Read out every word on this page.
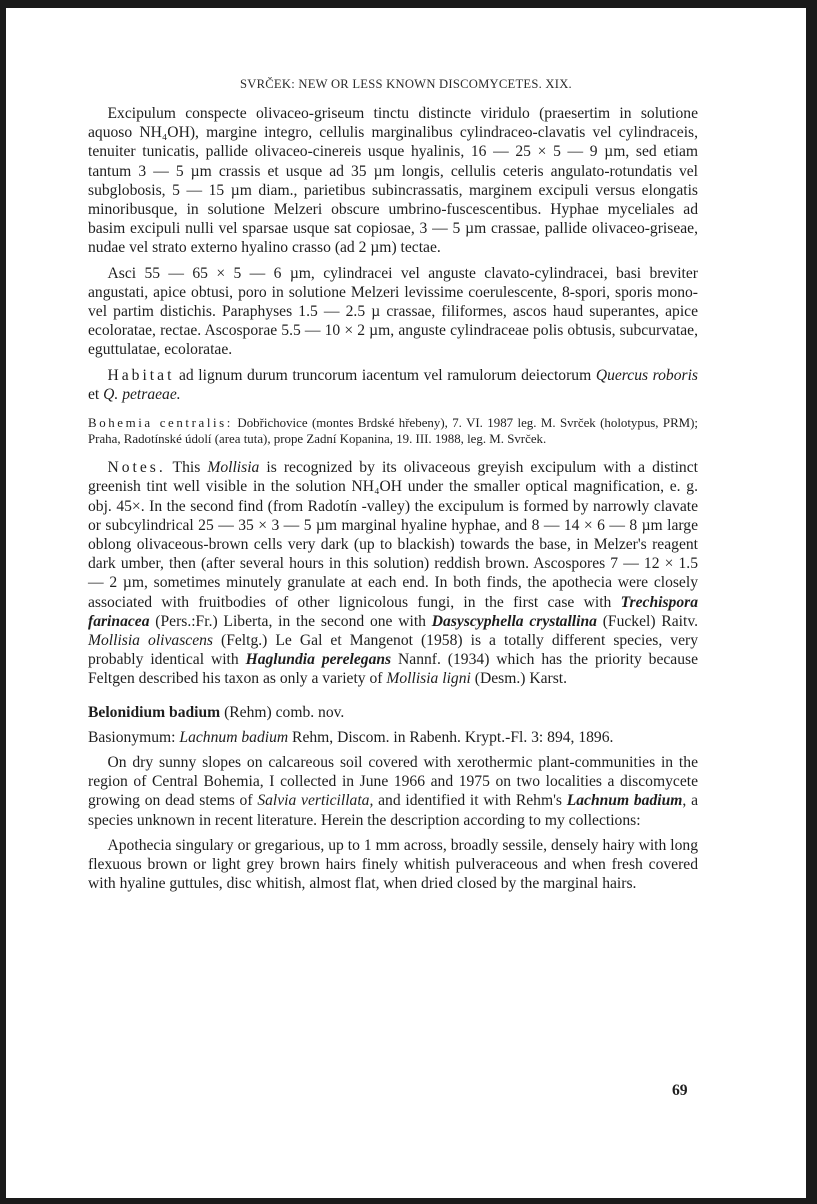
SVRČEK: NEW OR LESS KNOWN DISCOMYCETES. XIX.

Excipulum conspecte olivaceo-griseum tinctu distincte viridulo (praesertim in solutione aquoso NH₄OH), margine integro, cellulis marginalibus cylindraceo-clavatis vel cylindraceis, tenuiter tunicatis, pallide olivaceo-cinereis usque hyalinis, 16 — 25 × 5 — 9 µm, sed etiam tantum 3 — 5 µm crassis et usque ad 35 µm longis, cellulis ceteris angulato-rotundatis vel subglobosis, 5 — 15 µm diam., parietibus subincrassatis, marginem excipuli versus elongatis minoribusque, in solutione Melzeri obscure umbrino-fuscescentibus. Hyphae myceliales ad basim excipuli nulli vel sparsae usque sat copiosae, 3 — 5 µm crassae, pallide olivaceo-griseae, nudae vel strato externo hyalino crasso (ad 2 µm) tectae.

Asci 55 — 65 × 5 — 6 µm, cylindracei vel anguste clavato-cylindracei, basi breviter angustati, apice obtusi, poro in solutione Melzeri levissime coerulescente, 8-spori, sporis mono- vel partim distichis. Paraphyses 1.5 — 2.5 µ crassae, filiformes, ascos haud superantes, apice ecoloratae, rectae. Ascosporae 5.5 — 10 × 2 µm, anguste cylindraceae polis obtusis, subcurvatae, eguttulatae, ecoloratae.

Habitat ad lignum durum truncorum iacentum vel ramulorum deiectorum Quercus roboris et Q. petraeae.

Bohemia centralis: Dobřichovice (montes Brdské hřebeny), 7. VI. 1987 leg. M. Svrček (holotypus, PRM); Praha, Radotínské údolí (area tuta), prope Zadní Kopanina, 19. III. 1988, leg. M. Svrček.

Notes. This Mollisia is recognized by its olivaceous greyish excipulum with a distinct greenish tint well visible in the solution NH₄OH under the smaller optical magnification, e. g. obj. 45×. In the second find (from Radotín -valley) the excipulum is formed by narrowly clavate or subcylindrical 25 — 35 × 3 — 5 µm marginal hyaline hyphae, and 8 — 14 × 6 — 8 µm large oblong olivaceous-brown cells very dark (up to blackish) towards the base, in Melzer's reagent dark umber, then (after several hours in this solution) reddish brown. Ascospores 7 — 12 × 1.5 — 2 µm, sometimes minutely granulate at each end. In both finds, the apothecia were closely associated with fruitbodies of other lignicolous fungi, in the first case with Trechispora farinacea (Pers.:Fr.) Liberta, in the second one with Dasyscyphella crystallina (Fuckel) Raitv. Mollisia olivascens (Feltg.) Le Gal et Mangenot (1958) is a totally different species, very probably identical with Haglundia perelegans Nannf. (1934) which has the priority because Feltgen described his taxon as only a variety of Mollisia ligni (Desm.) Karst.

Belonidium badium (Rehm) comb. nov.

Basionymum: Lachnum badium Rehm, Discom. in Rabenh. Krypt.-Fl. 3: 894, 1896.

On dry sunny slopes on calcareous soil covered with xerothermic plant-communities in the region of Central Bohemia, I collected in June 1966 and 1975 on two localities a discomycete growing on dead stems of Salvia verticillata, and identified it with Rehm's Lachnum badium, a species unknown in recent literature. Herein the description according to my collections:

Apothecia singulary or gregarious, up to 1 mm across, broadly sessile, densely hairy with long flexuous brown or light grey brown hairs finely whitish pulveraceous and when fresh covered with hyaline guttules, disc whitish, almost flat, when dried closed by the marginal hairs.

69
